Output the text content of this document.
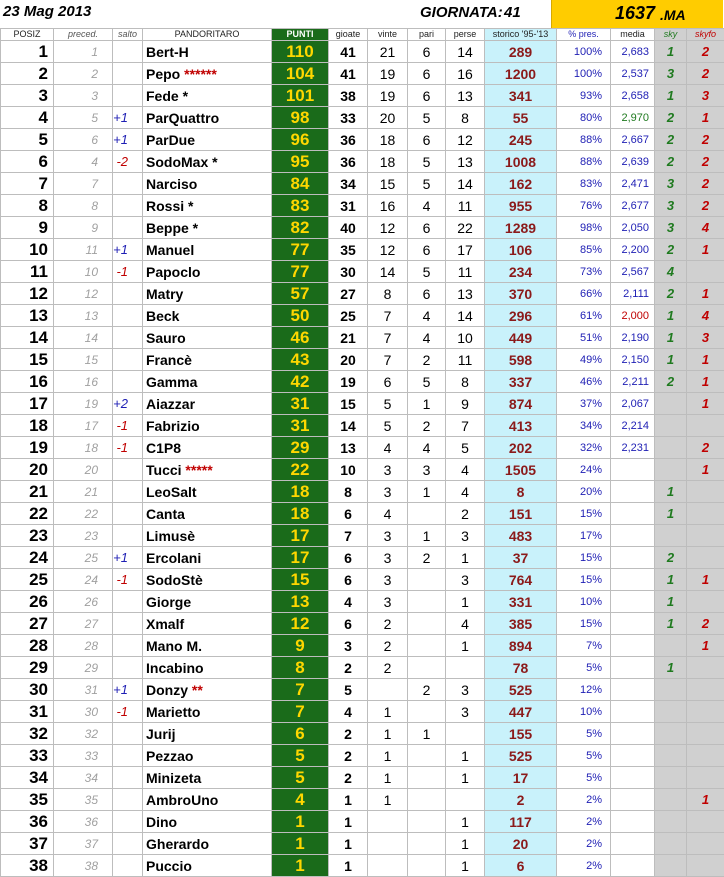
23 Mag 2013	GIORNATA: 41	1637 .MA
POSIZ	preced.	salto	PANDORITARO	PUNTI	gioate	vinte	pari	perse	storico '95-'13	% pres.	media	sky	skyfo
1	1		Bert-H	110	41	21	6	14	289	100%	2,683	1	2
2	2		Pepo ******	104	41	19	6	16	1200	100%	2,537	3	2
3	3		Fede *	101	38	19	6	13	341	93%	2,658	1	3
4	5	+1	ParQuattro	98	33	20	5	8	55	80%	2,970	2	1
5	6	+1	ParDue	96	36	18	6	12	245	88%	2,667	2	2
6	4	-2	SodoMax *	95	36	18	5	13	1008	88%	2,639	2	2
7	7		Narciso	84	34	15	5	14	162	83%	2,471	3	2
8	8		Rossi *	83	31	16	4	11	955	76%	2,677	3	2
9	9		Beppe *	82	40	12	6	22	1289	98%	2,050	3	4
10	11	+1	Manuel	77	35	12	6	17	106	85%	2,200	2	1
11	10	-1	Papoclo	77	30	14	5	11	234	73%	2,567	4	
12	12		Matry	57	27	8	6	13	370	66%	2,111	2	1
13	13		Beck	50	25	7	4	14	296	61%	2,000	1	4
14	14		Sauro	46	21	7	4	10	449	51%	2,190	1	3
15	15		Francè	43	20	7	2	11	598	49%	2,150	1	1
16	16		Gamma	42	19	6	5	8	337	46%	2,211	2	1
17	19	+2	Aiazzar	31	15	5	1	9	874	37%	2,067		1
18	17	-1	Fabrizio	31	14	5	2	7	413	34%	2,214		
19	18	-1	C1P8	29	13	4	4	5	202	32%	2,231		2
20	20		Tucci *****	22	10	3	3	4	1505	24%			1
21	21		LeoSalt	18	8	3	1	4	8	20%		1	
22	22		Canta	18	6	4		2	151	15%		1	
23	23		Limusè	17	7	3	1	3	483	17%			
24	25	+1	Ercolani	17	6	3	2	1	37	15%		2	
25	24	-1	SodoStè	15	6	3		3	764	15%		1	1
26	26		Giorge	13	4	3		1	331	10%		1	
27	27		Xmalf	12	6	2		4	385	15%		1	2
28	28		Mano M.	9	3	2		1	894	7%			1
29	29		Incabino	8	2	2			78	5%		1	
30	31	+1	Donzy **	7	5		2	3	525	12%			
31	30	-1	Marietto	7	4	1		3	447	10%			
32	32		Jurij	6	2	1	1		155	5%			
33	33		Pezzao	5	2	1		1	525	5%			
34	34		Minizeta	5	2	1		1	17	5%			
35	35		AmbroUno	4	1	1			2	2%			1
36	36		Dino	1	1			1	117	2%			
37	37		Gherardo	1	1			1	20	2%			
38	38		Puccio	1	1			1	6	2%			
